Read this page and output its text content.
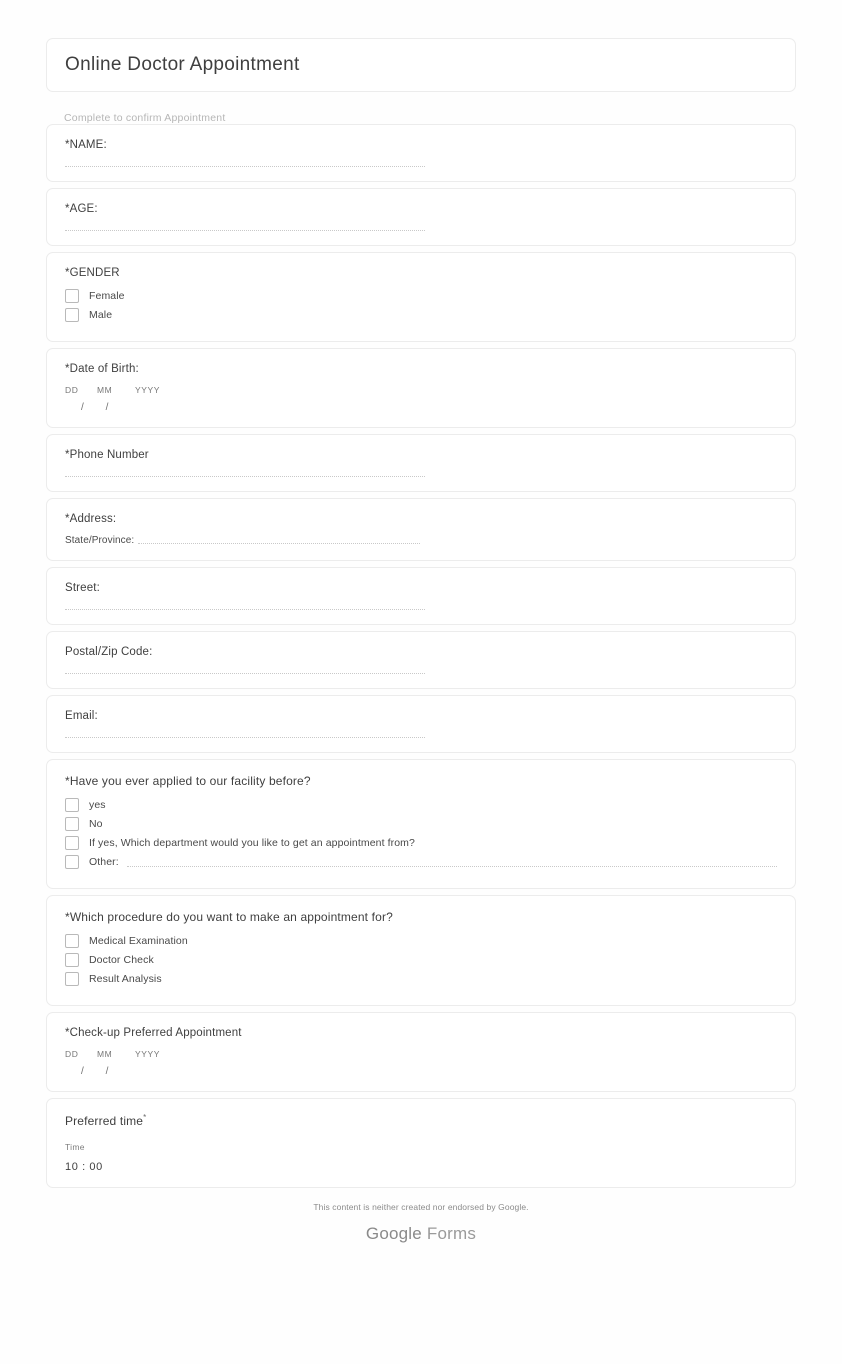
Online Doctor Appointment
Complete to confirm Appointment
*NAME:
*AGE:
*GENDER
Female
Male
*Date of Birth:
DD	MM	YYYY
/ /
*Phone Number
*Address:
State/Province:
Street:
Postal/Zip Code:
Email:
*Have you ever applied to our facility before?
yes
No
If yes, Which department would you like to get an appointment from?
Other:
*Which procedure do you want to make an appointment for?
Medical Examination
Doctor Check
Result Analysis
*Check-up Preferred Appointment
DD	MM	YYYY
/ /
Preferred time*
Time
10 : 00
This content is neither created nor endorsed by Google.
Google Forms
